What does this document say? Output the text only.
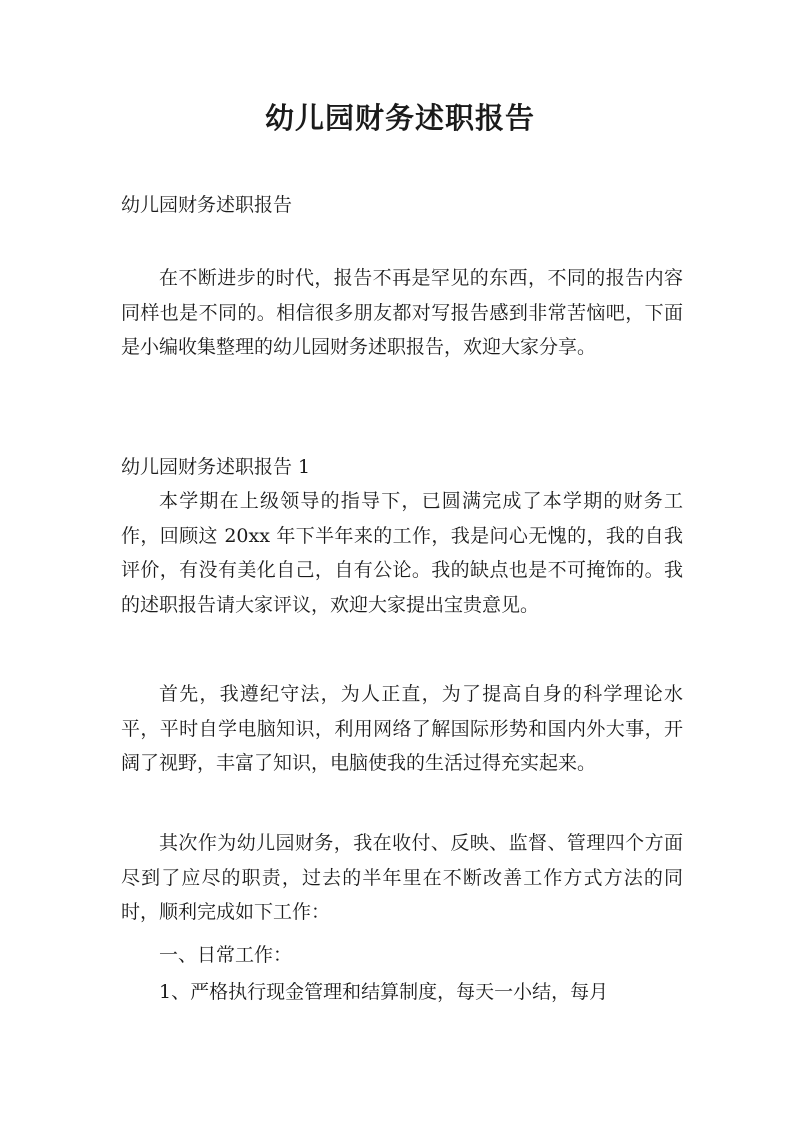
幼儿园财务述职报告

幼儿园财务述职报告

在不断进步的时代，报告不再是罕见的东西，不同的报告内容同样也是不同的。相信很多朋友都对写报告感到非常苦恼吧，下面是小编收集整理的幼儿园财务述职报告，欢迎大家分享。

幼儿园财务述职报告 1

本学期在上级领导的指导下，已圆满完成了本学期的财务工作，回顾这 20xx 年下半年来的工作，我是问心无愧的，我的自我评价，有没有美化自己，自有公论。我的缺点也是不可掩饰的。我的述职报告请大家评议，欢迎大家提出宝贵意见。

首先，我遵纪守法，为人正直，为了提高自身的科学理论水平，平时自学电脑知识，利用网络了解国际形势和国内外大事，开阔了视野，丰富了知识，电脑使我的生活过得充实起来。

其次作为幼儿园财务，我在收付、反映、监督、管理四个方面尽到了应尽的职责，过去的半年里在不断改善工作方式方法的同时，顺利完成如下工作：

一、日常工作：

1、严格执行现金管理和结算制度，每天一小结，每月
